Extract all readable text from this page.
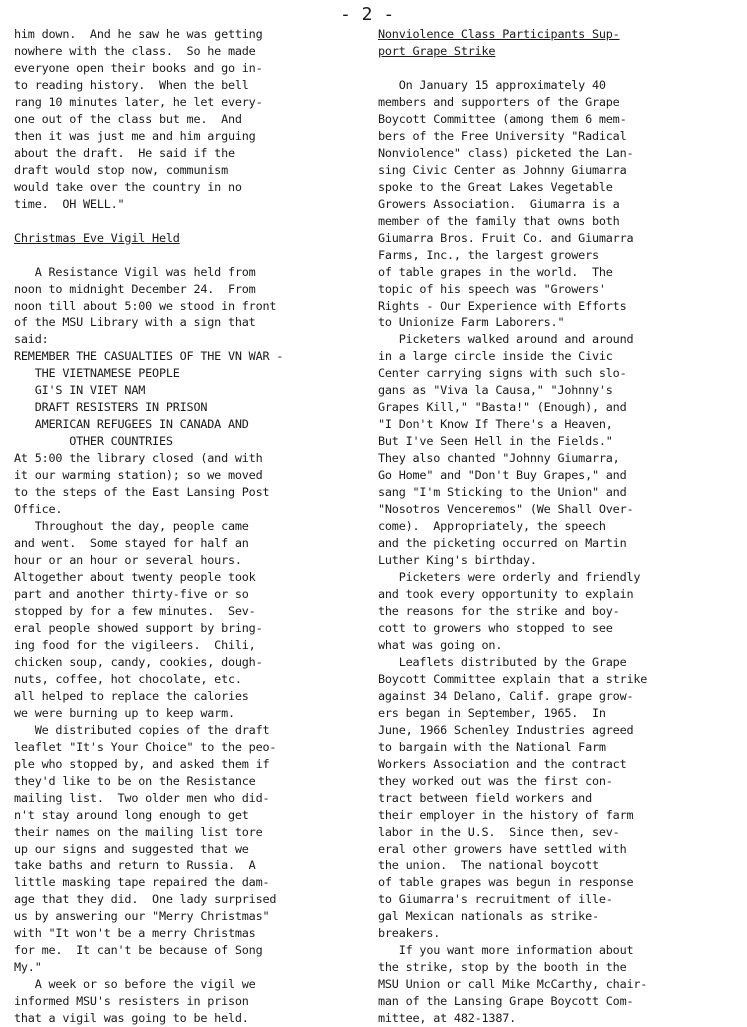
- 2 -
him down.  And he saw he was getting
nowhere with the class.  So he made
everyone open their books and go in-
to reading history.  When the bell
rang 10 minutes later, he let every-
one out of the class but me.  And
then it was just me and him arguing
about the draft.  He said if the
draft would stop now, communism
would take over the country in no
time.  OH WELL."
Christmas Eve Vigil Held
A Resistance Vigil was held from
noon to midnight December 24.  From
noon till about 5:00 we stood in front
of the MSU Library with a sign that
said:
REMEMBER THE CASUALTIES OF THE VN WAR -
THE VIETNAMESE PEOPLE
GI'S IN VIET NAM
DRAFT RESISTERS IN PRISON
AMERICAN REFUGEES IN CANADA AND
OTHER COUNTRIES
At 5:00 the library closed (and with
it our warming station); so we moved
to the steps of the East Lansing Post
Office.
Throughout the day, people came
and went.  Some stayed for half an
hour or an hour or several hours.
Altogether about twenty people took
part and another thirty-five or so
stopped by for a few minutes.  Sev-
eral people showed support by bring-
ing food for the vigileers.  Chili,
chicken soup, candy, cookies, dough-
nuts, coffee, hot chocolate, etc.
all helped to replace the calories
we were burning up to keep warm.
We distributed copies of the draft
leaflet "It's Your Choice" to the peo-
ple who stopped by, and asked them if
they'd like to be on the Resistance
mailing list.  Two older men who did-
n't stay around long enough to get
their names on the mailing list tore
up our signs and suggested that we
take baths and return to Russia.  A
little masking tape repaired the dam-
age that they did.  One lady surprised
us by answering our "Merry Christmas"
with "It won't be a merry Christmas
for me.  It can't be because of Song
My."
A week or so before the vigil we
informed MSU's resisters in prison
that a vigil was going to be held.
Nonviolence Class Participants Sup-
port Grape Strike
On January 15 approximately 40
members and supporters of the Grape
Boycott Committee (among them 6 mem-
bers of the Free University "Radical
Nonviolence" class) picketed the Lan-
sing Civic Center as Johnny Giumarra
spoke to the Great Lakes Vegetable
Growers Association.  Giumarra is a
member of the family that owns both
Giumarra Bros. Fruit Co. and Giumarra
Farms, Inc., the largest growers
of table grapes in the world.  The
topic of his speech was "Growers'
Rights - Our Experience with Efforts
to Unionize Farm Laborers."
Picketers walked around and around
in a large circle inside the Civic
Center carrying signs with such slo-
gans as "Viva la Causa," "Johnny's
Grapes Kill," "Basta!" (Enough), and
"I Don't Know If There's a Heaven,
But I've Seen Hell in the Fields."
They also chanted "Johnny Giumarra,
Go Home" and "Don't Buy Grapes," and
sang "I'm Sticking to the Union" and
"Nosotros Venceremos" (We Shall Over-
come).  Appropriately, the speech
and the picketing occurred on Martin
Luther King's birthday.
Picketers were orderly and friendly
and took every opportunity to explain
the reasons for the strike and boy-
cott to growers who stopped to see
what was going on.
Leaflets distributed by the Grape
Boycott Committee explain that a strike
against 34 Delano, Calif. grape grow-
ers began in September, 1965.  In
June, 1966 Schenley Industries agreed
to bargain with the National Farm
Workers Association and the contract
they worked out was the first con-
tract between field workers and
their employer in the history of farm
labor in the U.S.  Since then, sev-
eral other growers have settled with
the union.  The national boycott
of table grapes was begun in response
to Giumarra's recruitment of ille-
gal Mexican nationals as strike-
breakers.
If you want more information about
the strike, stop by the booth in the
MSU Union or call Mike McCarthy, chair-
man of the Lansing Grape Boycott Com-
mittee, at 482-1387.
